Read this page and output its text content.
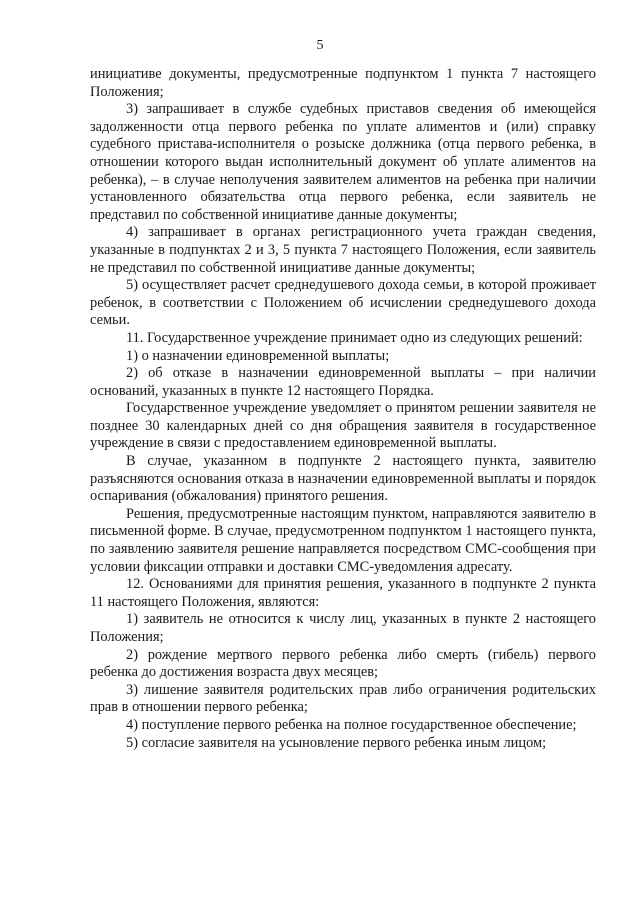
5

инициативе документы, предусмотренные подпунктом 1 пункта 7 настоящего Положения;

3) запрашивает в службе судебных приставов сведения об имеющейся задолженности отца первого ребенка по уплате алиментов и (или) справку судебного пристава-исполнителя о розыске должника (отца первого ребенка, в отношении которого выдан исполнительный документ об уплате алиментов на ребенка), – в случае неполучения заявителем алиментов на ребенка при наличии установленного обязательства отца первого ребенка, если заявитель не представил по собственной инициативе данные документы;

4) запрашивает в органах регистрационного учета граждан сведения, указанные в подпунктах 2 и 3, 5 пункта 7 настоящего Положения, если заявитель не представил по собственной инициативе данные документы;

5) осуществляет расчет среднедушевого дохода семьи, в которой проживает ребенок, в соответствии с Положением об исчислении среднедушевого дохода семьи.

11. Государственное учреждение принимает одно из следующих решений:

1) о назначении единовременной выплаты;

2) об отказе в назначении единовременной выплаты – при наличии оснований, указанных в пункте 12 настоящего Порядка.

Государственное учреждение уведомляет о принятом решении заявителя не позднее 30 календарных дней со дня обращения заявителя в государственное учреждение в связи с предоставлением единовременной выплаты.

В случае, указанном в подпункте 2 настоящего пункта, заявителю разъясняются основания отказа в назначении единовременной выплаты и порядок оспаривания (обжалования) принятого решения.

Решения, предусмотренные настоящим пунктом, направляются заявителю в письменной форме. В случае, предусмотренном подпунктом 1 настоящего пункта, по заявлению заявителя решение направляется посредством СМС-сообщения при условии фиксации отправки и доставки СМС-уведомления адресату.

12. Основаниями для принятия решения, указанного в подпункте 2 пункта 11 настоящего Положения, являются:

1) заявитель не относится к числу лиц, указанных в пункте 2 настоящего Положения;

2) рождение мертвого первого ребенка либо смерть (гибель) первого ребенка до достижения возраста двух месяцев;

3) лишение заявителя родительских прав либо ограничения родительских прав в отношении первого ребенка;

4) поступление первого ребенка на полное государственное обеспечение;

5) согласие заявителя на усыновление первого ребенка иным лицом;
